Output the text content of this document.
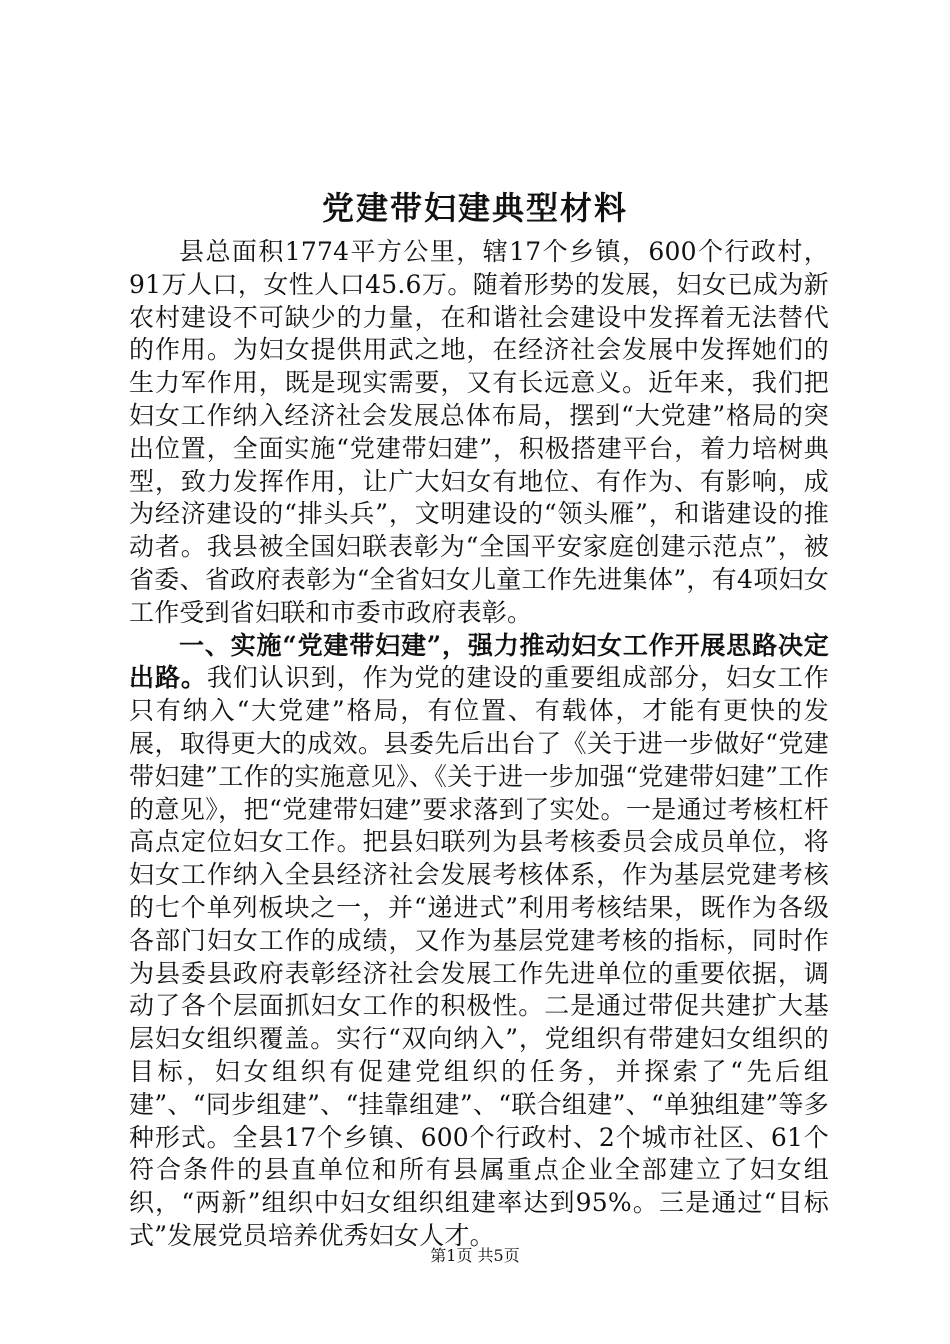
党建带妇建典型材料

县总面积1774平方公里，辖17个乡镇，600个行政村，91万人口，女性人口45.6万。随着形势的发展，妇女已成为新农村建设不可缺少的力量，在和谐社会建设中发挥着无法替代的作用。为妇女提供用武之地，在经济社会发展中发挥她们的生力军作用，既是现实需要，又有长远意义。近年来，我们把妇女工作纳入经济社会发展总体布局，摆到“大党建”格局的突出位置，全面实施“党建带妇建”，积极搭建平台，着力培树典型，致力发挥作用，让广大妇女有地位、有作为、有影响，成为经济建设的“排头兵”，文明建设的“领头雁”，和谐建设的推动者。我县被全国妇联表彰为“全国平安家庭创建示范点”，被省委、省政府表彰为“全省妇女儿童工作先进集体”，有4项妇女工作受到省妇联和市委市政府表彰。

一、实施“党建带妇建”，强力推动妇女工作开展思路决定出路。我们认识到，作为党的建设的重要组成部分，妇女工作只有纳入“大党建”格局，有位置、有载体，才能有更快的发展，取得更大的成效。县委先后出台了《关于进一步做好“党建带妇建”工作的实施意见》、《关于进一步加强“党建带妇建”工作的意见》，把“党建带妇建”要求落到了实处。一是通过考核杠杆高点定位妇女工作。把县妇联列为县考核委员会成员单位，将妇女工作纳入全县经济社会发展考核体系，作为基层党建考核的七个单列板块之一，并“递进式”利用考核结果，既作为各级各部门妇女工作的成绩，又作为基层党建考核的指标，同时作为县委县政府表彰经济社会发展工作先进单位的重要依据，调动了各个层面抓妇女工作的积极性。二是通过带促共建扩大基层妇女组织覆盖。实行“双向纳入”，党组织有带建妇女组织的目标，妇女组织有促建党组织的任务，并探索了“先后组建”、“同步组建”、“挂靠组建”、“联合组建”、“单独组建”等多种形式。全县17个乡镇、600个行政村、2个城市社区、61个符合条件的县直单位和所有县属重点企业全部建立了妇女组织，“两新”组织中妇女组织组建率达到95%。三是通过“目标式”发展党员培养优秀妇女人才。

第1页 共5页
